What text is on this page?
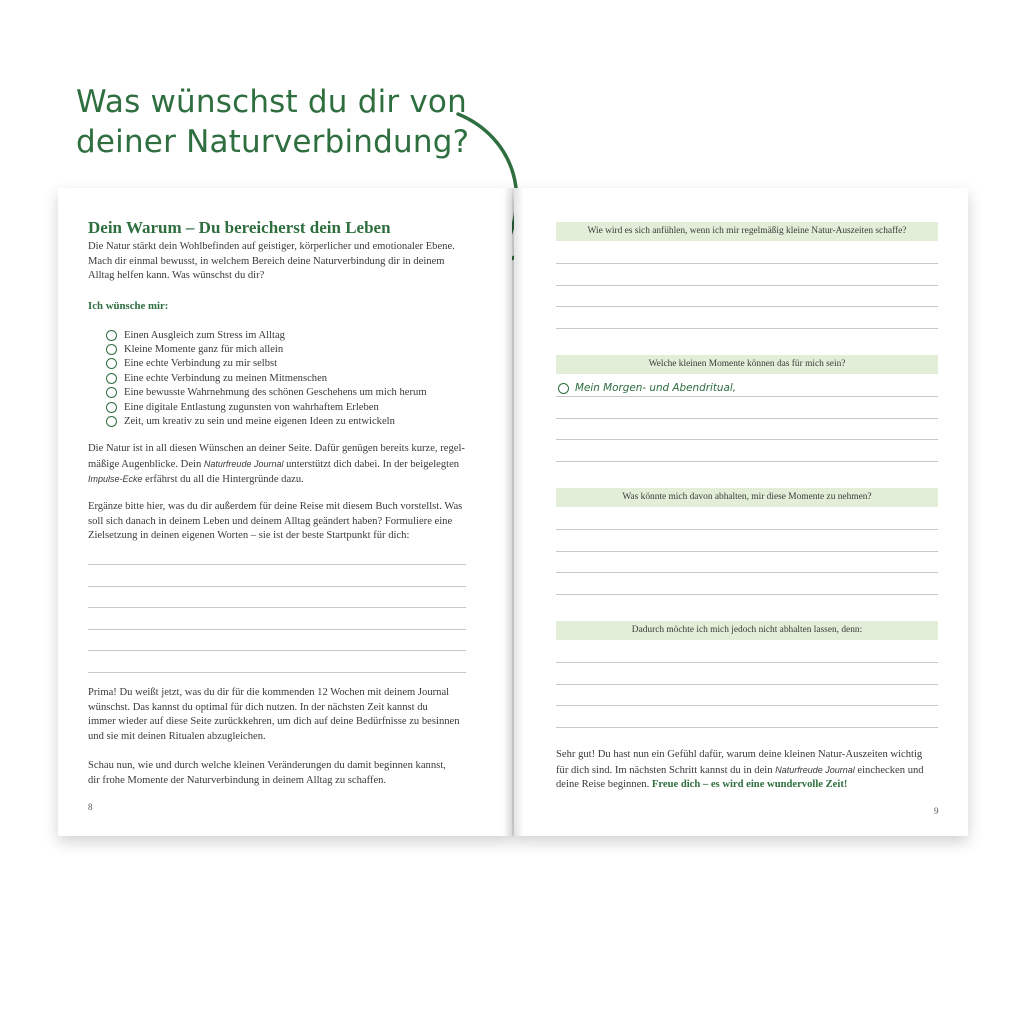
Was wünschst du dir von
deiner Naturverbindung?
Dein Warum – Du bereicherst dein Leben
Die Natur stärkt dein Wohlbefinden auf geistiger, körperlicher und emotionaler Ebene.
Mach dir einmal bewusst, in welchem Bereich deine Naturverbindung dir in deinem
Alltag helfen kann. Was wünschst du dir?

Ich wünsche mir:

Einen Ausgleich zum Stress im Alltag
Kleine Momente ganz für mich allein
Eine echte Verbindung zu mir selbst
Eine echte Verbindung zu meinen Mitmenschen
Eine bewusste Wahrnehmung des schönen Geschehens um mich herum
Eine digitale Entlastung zugunsten von wahrhaftem Erleben
Zeit, um kreativ zu sein und meine eigenen Ideen zu entwickeln
Die Natur ist in all diesen Wünschen an deiner Seite. Dafür genügen bereits kurze, regel-
mäßige Augenblicke. Dein Naturfreude Journal unterstützt dich dabei. In der beigelegten
Impulse-Ecke erfährst du all die Hintergründe dazu.
Ergänze bitte hier, was du dir außerdem für deine Reise mit diesem Buch vorstellst. Was
soll sich danach in deinem Leben und deinem Alltag geändert haben? Formuliere eine
Zielsetzung in deinen eigenen Worten – sie ist der beste Startpunkt für dich:
Prima! Du weißt jetzt, was du dir für die kommenden 12 Wochen mit deinem Journal
wünschst. Das kannst du optimal für dich nutzen. In der nächsten Zeit kannst du
immer wieder auf diese Seite zurückkehren, um dich auf deine Bedürfnisse zu besinnen
und sie mit deinen Ritualen abzugleichen.
Schau nun, wie und durch welche kleinen Veränderungen du damit beginnen kannst,
dir frohe Momente der Naturverbindung in deinem Alltag zu schaffen.
8
Wie wird es sich anfühlen, wenn ich mir regelmäßig kleine Natur-Auszeiten schaffe?
Welche kleinen Momente können das für mich sein?
Mein Morgen- und Abendritual,
Was könnte mich davon abhalten, mir diese Momente zu nehmen?
Dadurch möchte ich mich jedoch nicht abhalten lassen, denn:
Sehr gut! Du hast nun ein Gefühl dafür, warum deine kleinen Natur-Auszeiten wichtig
für dich sind. Im nächsten Schritt kannst du in dein Naturfreude Journal einchecken und
deine Reise beginnen. Freue dich – es wird eine wundervolle Zeit!
9
